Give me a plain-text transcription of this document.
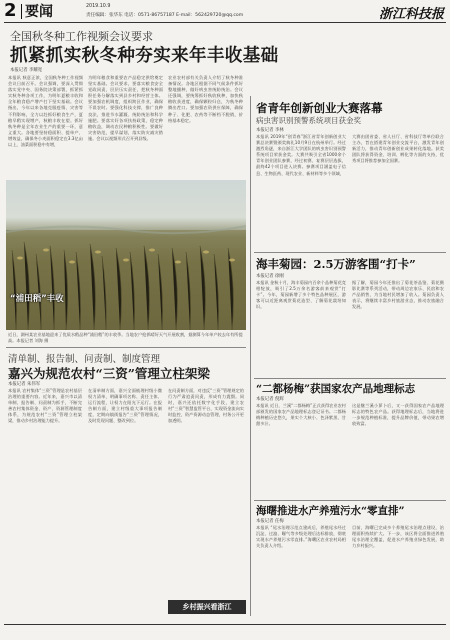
2 要闻	2019.10.9
责任编辑：张华东 电话：0571-86757187 E-mail：562429720@qq.com	浙江科技报
全国秋冬种工作视频会议要求
抓紧抓实秋冬种夯实来年丰收基础
本报记者 李耀宽
本报讯 秋意正浓，全国秋冬种工作视频会议日前召开。会议强调，要深入贯彻落实党中央、国务院决策部署，抓紧抓实秋冬种各项工作，为明年夏粮丰收和全年粮食稳产增产打下坚实基础。会议指出，今年以来各地克服疫情、灾害等不利影响，全力以赴抓好粮食生产，夏粮早稻实现增产，秋粮丰收在望。抓好秋冬种是全年农业生产的重要一环，意义重大。各地要坚持稳面积、提单产、增效益，确保冬小麦面积稳定在3.3亿亩以上，油菜面积稳中有增，
为明年粮食和重要农产品稳定供给奠定坚实基础。会议要求，要落实粮食安全党政同责，层层压实责任，把秋冬种面积任务分解落实到县乡村和经营主体。要加强农机调度，组织跨区作业，确保不误农时。要强化科技支撑，推广良种良法，推进节水灌溉、统防统治和科学施肥。要落实好各项扶持政策，稳定种粮收益，调动农民种粮积极性。要做好灾害防范，提早谋划，落实防灾减灾措施。会议以视频形式召开到县级。
农业农村部有关负责人介绍了秋冬种准备情况。各地区根据不同气候条件抓好整地播种，做好病虫害统防统治。会议还强调，要统筹抓好秋收秋种，加快秋粮收获进度，确保颗粒归仓，为秋冬种腾出茬口。要加强农资供应保障，确保种子、化肥、农药等不断档不脱销，价格基本稳定。
“浦田稻”丰收
近日，湖州某农业基地迎来了优质水稻品种“浦田稻”的丰收季。当地农户抢抓晴好天气开展收割，据测算今年单产较去年有所提高。本报记者 刘海 摄
省青年创新创业大赛落幕
病虫害识别预警系统项目获金奖
本报记者 李林
本报讯 2019年“创青春”浙江省青年创新创业大赛总决赛暨颁奖典礼10月9日在杭州举行。经过激烈角逐，来自浙江大学团队的病虫害识别预警系统项目荣获金奖。大赛共吸引全省1000余个青年创业团队参赛，经过初赛、复赛层层选拔，最终42个项目进入决赛。参赛项目涵盖电子信息、生物医药、现代农业、新材料等多个领域，
大赛由团省委、省人社厅、省科技厅等单位联合主办，旨在搭建青年创业交流平台，激发青年创新活力，推动青年创新创业成果转化落地。获奖团队将获得资金、培训、孵化等方面的支持，优秀项目将推荐参加全国赛。
海丰菊园：2.5万游客围“打卡”
本报记者 徐刚
本报讯 金秋十月，海丰菊园内百余个品种菊花竞相绽放，吸引了2.5万余名游客前来观赏“打卡”。今年，菊园新增了多个特色品种展区，游客可以近距离观赏菊花造型、了解菊花栽培知识。
据了解，菊园今年还推出了菊花茶品鉴、菊花摄影比赛等系列活动，带动周边农家乐、民宿和农产品销售，为当地村民增加了收入。菊园负责人表示，将继续丰富乡村旅游业态，推动农旅融合发展。
“二都杨梅”获国家农产品地理标志
本报记者 倪辉
本报讯 近日，兰溪“二都杨梅”正式获得农业农村部颁发的国家农产品地理标志登记证书。二都杨梅种植历史悠久，果实个大核小、色泽紫黑、甘甜多汁。
这是继兰溪小萝卜后，又一获得国家农产品地理标志的特色农产品。获得地理标志后，当地将进一步规范种植标准，提升品牌价值，带动果农增收致富。
海曙推进水产养殖污水“零直排”
本报记者 任梅
本报讯 “尾水治理示范点建成后，养殖尾水经过沉淀、过滤、曝气等多级处理后达标排放，彻底实现水产养殖污水零直排。”海曙区农业农村局相关负责人介绍。
目前，海曙已完成多个养殖尾水治理点建设，治理面积持续扩大。下一步，该区将全面推进养殖尾水治理全覆盖，促进水产养殖业绿色发展，助力乡村振兴。
清单制、报告制、问责制、制度管理
嘉兴为规范农村“三资”管理立柱架梁
本报记者 朱伟军
本报讯 农村集体“三资”管理是农村基层治理的重要内容。近年来，嘉兴市以清单制、报告制、问责制为抓手，不断完善农村集体资金、资产、资源管理制度体系，为规范农村“三资”管理立柱架梁，推动乡村治理能力提升。
在清单制方面，嘉兴全面梳理村级小微权力清单，明确事项名称、责任主体、运行流程，让权力在阳光下运行。在报告制方面，建立村级重大事项报告制度，定期向镇街报告“三资”管理情况，及时发现问题、整改到位。
在问责制方面，对违反“三资”管理规定的行为严肃追责问责，形成有力震慑。同时，嘉兴还依托数字化手段，建立农村“三资”智慧监管平台，实现资金流向实时监控，资产资源动态管理，村务公开更加透明。
乡村振兴看浙江
